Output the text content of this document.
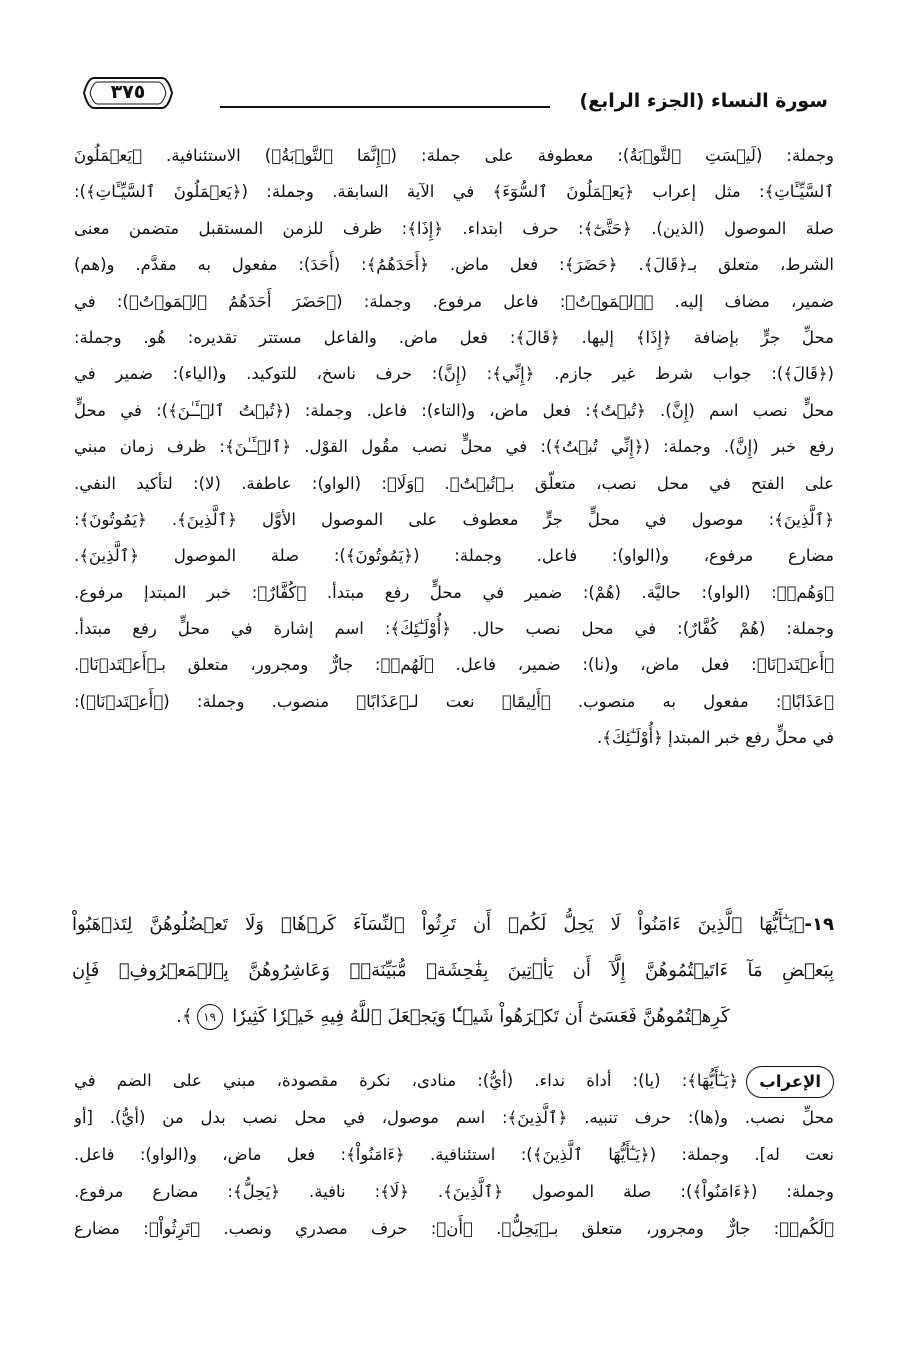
سورة النساء (الجزء الرابع)
٣٧٥
وجملة: (لَيۡسَتِ ٱلتَّوۡبَةُ): معطوفة على جملة: (﴿إِنَّمَا ٱلتَّوۡبَةُ﴾) الاستئنافية. ﴿يَعۡمَلُونَ
ٱلسَّيِّـَٔاتِ﴾: مثل إعراب ﴿يَعۡمَلُونَ ٱلسُّوٓءَ﴾ في الآية السابقة. وجملة: (﴿يَعۡمَلُونَ ٱلسَّيِّـَٔاتِ﴾):
صلة الموصول (الذين). ﴿حَتَّىٰٓ﴾: حرف ابتداء. ﴿إِذَا﴾: ظرف للزمن المستقبل متضمن معنى
الشرط، متعلق بـ﴿قَالَ﴾. ﴿حَضَرَ﴾: فعل ماض. ﴿أَحَدَهُمُ﴾: (أَحَدَ): مفعول به مقدَّم. و(هم)
ضمير، مضاف إليه. ﴿ٱلۡمَوۡتُ﴾: فاعل مرفوع. وجملة: (﴿حَضَرَ أَحَدَهُمُ ٱلۡمَوۡتُ﴾): في
محلِّ جرٍّ بإضافة ﴿إِذَا﴾ إليها. ﴿قَالَ﴾: فعل ماض. والفاعل مستتر تقديره: هُو. وجملة:
(﴿قَالَ﴾): جواب شرط غير جازم. ﴿إِنِّي﴾: (إِنَّ): حرف ناسخ، للتوكيد. و(الياء): ضمير في
محلٍّ نصب اسم (إِنَّ). ﴿تُبۡتُ﴾: فعل ماض، و(التاء): فاعل. وجملة: (﴿تُبۡتُ ٱلۡـَٔـٰنَ﴾): في محلٍّ
رفع خبر (إِنَّ). وجملة: (﴿إِنِّي تُبۡتُ﴾): في محلٍّ نصب مقُول القوْل. ﴿ٱلۡـَٔـٰنَ﴾: ظرف زمان مبني
على الفتح في محل نصب، متعلّق بـ﴿تُبۡتُ﴾. ﴿وَلَا﴾: (الواو): عاطفة. (لا): لتأكيد النفي.
﴿ٱلَّذِينَ﴾: موصول في محلٍّ جرٍّ معطوف على الموصول الأوَّل ﴿ٱلَّذِينَ﴾. ﴿يَمُوتُونَ﴾:
مضارع مرفوع، و(الواو): فاعل. وجملة: (﴿يَمُوتُونَ﴾): صلة الموصول ﴿ٱلَّذِينَ﴾.
﴿وَهُمۡ﴾: (الواو): حاليَّة. (هُمْ): ضمير في محلٍّ رفع مبتدأ. ﴿كُفَّارٌ﴾: خبر المبتدإ مرفوع.
وجملة: (هُمْ كُفَّارٌ): في محل نصب حال. ﴿أُوْلَـٰٓئِكَ﴾: اسم إشارة في محلٍّ رفع مبتدأ.
﴿أَعۡتَدۡنَا﴾: فعل ماض، و(نا): ضمير، فاعل. ﴿لَهُمۡ﴾: جارٌّ ومجرور، متعلق بـ﴿أَعۡتَدۡنَا﴾.
﴿عَذَابًا﴾: مفعول به منصوب. ﴿أَلِيمًا﴾ نعت لـ﴿عَذَابًا﴾ منصوب. وجملة: (﴿أَعۡتَدۡنَا﴾):
في محلٍّ رفع خبر المبتدإ ﴿أُوْلَـٰٓئِكَ﴾.
١٩-﴿يَـٰٓأَيُّهَا ٱلَّذِينَ ءَامَنُواْ لَا يَحِلُّ لَكُمۡ أَن تَرِثُواْ ٱلنِّسَآءَ كَرۡهٗاۖ وَلَا تَعۡضُلُوهُنَّ لِتَذۡهَبُواْ
بِبَعۡضِ مَآ ءَاتَيۡتُمُوهُنَّ إِلَّآ أَن يَأۡتِينَ بِفَٰحِشَةٖ مُّبَيِّنَةٖۚ وَعَاشِرُوهُنَّ بِٱلۡمَعۡرُوفِۚ فَإِن
كَرِهۡتُمُوهُنَّ فَعَسَىٰٓ أَن تَكۡرَهُواْ شَيۡـٔٗا وَيَجۡعَلَ ٱللَّهُ فِيهِ خَيۡرٗا كَثِيرٗا ١٩﴾.
الإعراب﴿يَـٰٓأَيُّهَا﴾: (يا): أداة نداء. (أيُّ): منادى، نكرة مقصودة، مبني على الضم في
محلِّ نصب. و(ها): حرف تنبيه. ﴿ٱلَّذِينَ﴾: اسم موصول، في محل نصب بدل من (أيُّ). [أو
نعت له]. وجملة: (﴿يَـٰٓأَيُّهَا ٱلَّذِينَ﴾): استئنافية. ﴿ءَامَنُواْ﴾: فعل ماض، و(الواو): فاعل.
وجملة: (﴿ءَامَنُواْ﴾): صلة الموصول ﴿ٱلَّذِينَ﴾. ﴿لَا﴾: نافية. ﴿يَحِلُّ﴾: مضارع مرفوع.
﴿لَكُمۡ﴾: جارٌّ ومجرور، متعلق بـ﴿يَحِلُّ﴾. ﴿أَن﴾: حرف مصدري ونصب. ﴿تَرِثُواْ﴾: مضارع
